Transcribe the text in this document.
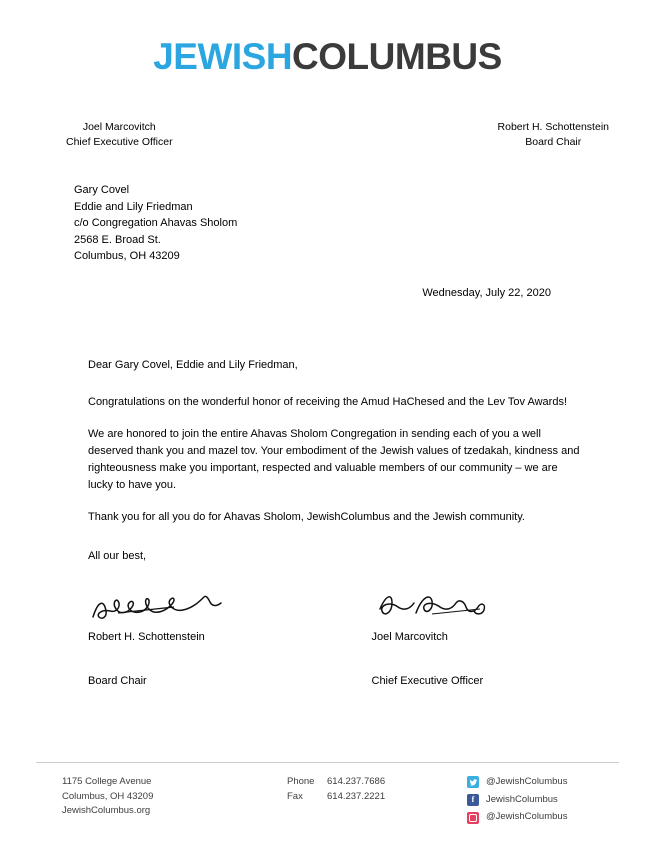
JEWISHCOLUMBUS
Joel Marcovitch
Chief Executive Officer
Robert H. Schottenstein
Board Chair
Gary Covel
Eddie and Lily Friedman
c/o Congregation Ahavas Sholom
2568 E. Broad St.
Columbus, OH 43209
Wednesday, July 22, 2020

Dear Gary Covel, Eddie and Lily Friedman,

Congratulations on the wonderful honor of receiving the Amud HaChesed and the Lev Tov Awards!

We are honored to join the entire Ahavas Sholom Congregation in sending each of you a well deserved thank you and mazel tov. Your embodiment of the Jewish values of tzedakah, kindness and righteousness make you important, respected and valuable members of our community – we are lucky to have you.

Thank you for all you do for Ahavas Sholom, JewishColumbus and the Jewish community.

All our best,

Robert H. Schottenstein
Board Chair
Joel Marcovitch
Chief Executive Officer
1175 College Avenue
Columbus, OH 43209
JewishColumbus.org
Phone	614.237.7686
Fax	614.237.2221
@JewishColumbus
f	JewishColumbus
@JewishColumbus
